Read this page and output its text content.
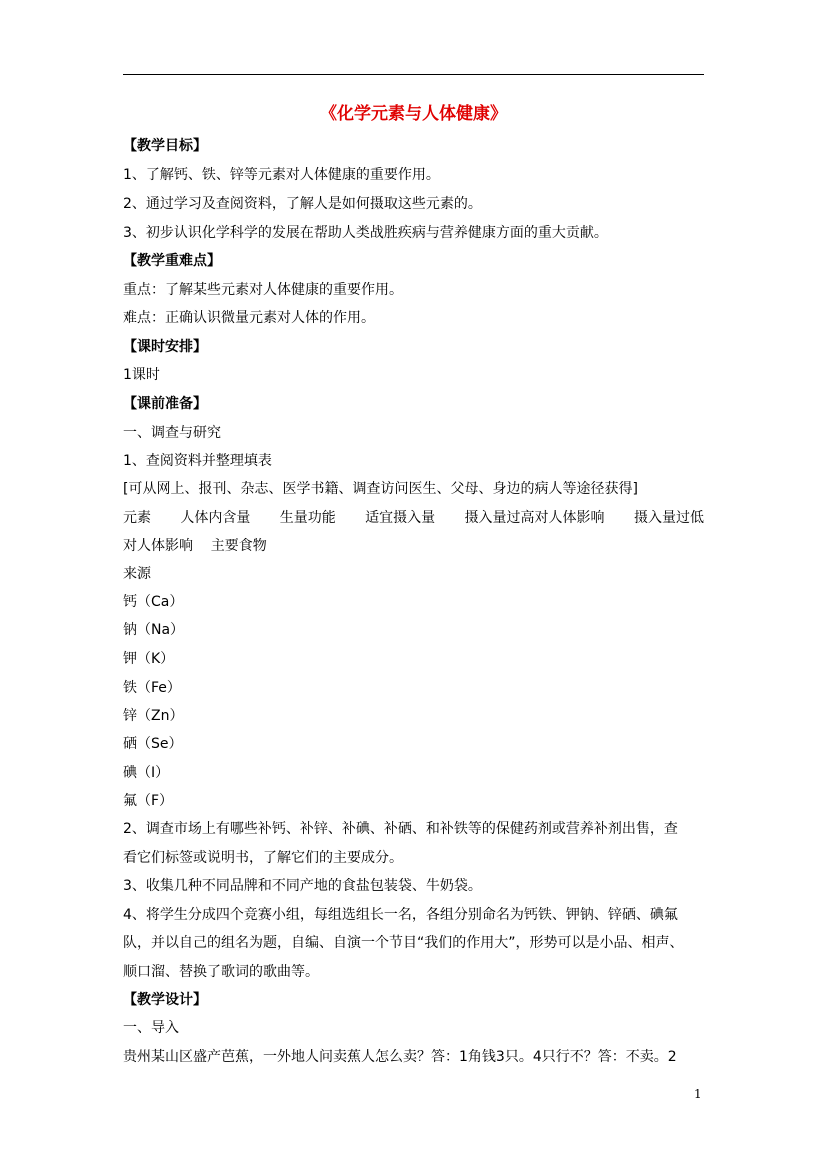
《化学元素与人体健康》
【教学目标】
1、了解钙、铁、锌等元素对人体健康的重要作用。
2、通过学习及查阅资料，了解人是如何摄取这些元素的。
3、初步认识化学科学的发展在帮助人类战胜疾病与营养健康方面的重大贡献。
【教学重难点】
重点：了解某些元素对人体健康的重要作用。
难点：正确认识微量元素对人体的作用。
【课时安排】
1课时
【课前准备】
一、调查与研究
1、查阅资料并整理填表
[可从网上、报刊、杂志、医学书籍、调查访问医生、父母、身边的病人等途径获得]
元素 人体内含量 生量功能 适宜摄入量 摄入量过高对人体影响 摄入量过低
对人体影响    主要食物
来源
钙（Ca）
钠（Na）
钾（K）
铁（Fe）
锌（Zn）
硒（Se）
碘（I）
氟（F）
2、调查市场上有哪些补钙、补锌、补碘、补硒、和补铁等的保健药剂或营养补剂出售，查
看它们标签或说明书，了解它们的主要成分。
3、收集几种不同品牌和不同产地的食盐包装袋、牛奶袋。
4、将学生分成四个竞赛小组，每组选组长一名，各组分别命名为钙铁、钾钠、锌硒、碘氟
队，并以自己的组名为题，自编、自演一个节目“我们的作用大”，形势可以是小品、相声、
顺口溜、替换了歌词的歌曲等。
【教学设计】
一、导入
贵州某山区盛产芭蕉，一外地人问卖蕉人怎么卖？答：1角钱3只。4只行不？答：不卖。2
1
